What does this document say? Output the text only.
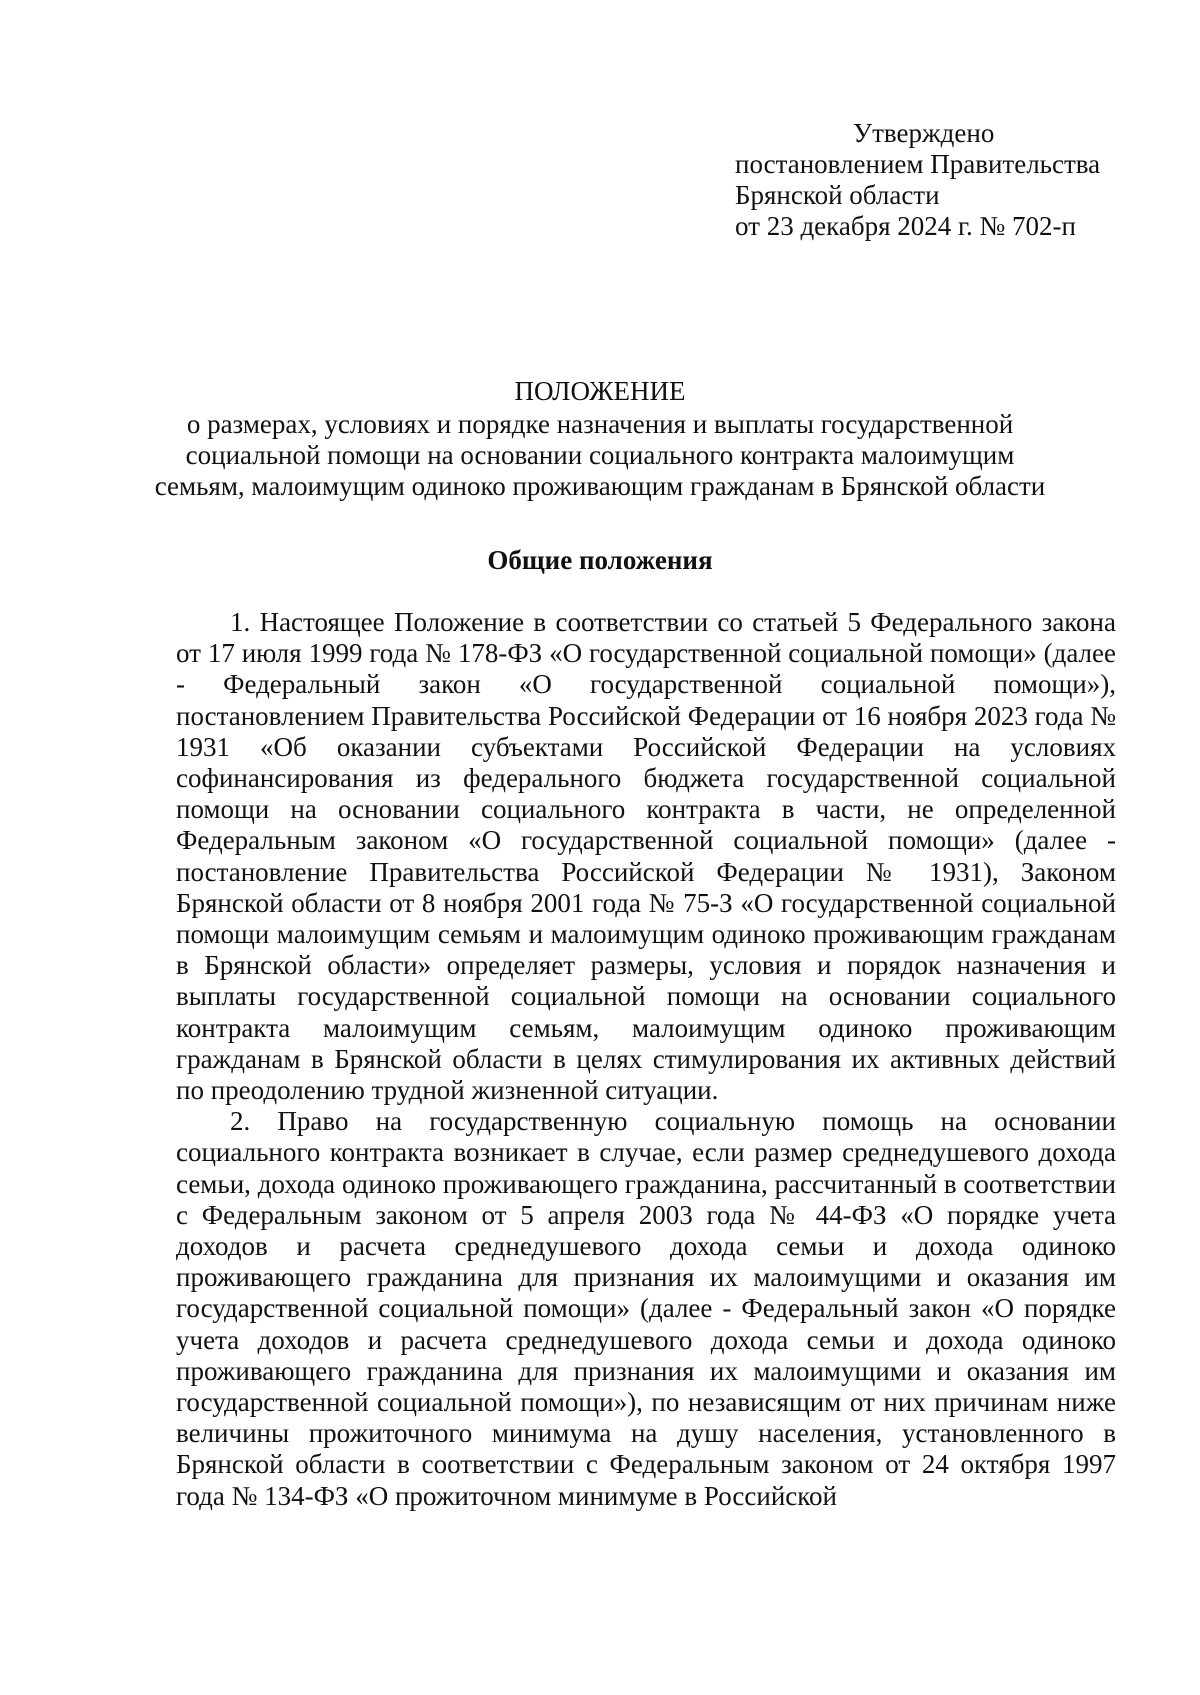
Утверждено
постановлением Правительства
Брянской области
от 23 декабря 2024 г. № 702-п
ПОЛОЖЕНИЕ
о размерах, условиях и порядке назначения и выплаты государственной
социальной помощи на основании социального контракта малоимущим
семьям, малоимущим одиноко проживающим гражданам в Брянской области
Общие положения

1. Настоящее Положение в соответствии со статьей 5 Федерального закона от 17 июля 1999 года № 178-ФЗ «О государственной социальной помощи» (далее - Федеральный закон «О государственной социальной помощи»), постановлением Правительства Российской Федерации от 16 ноября 2023 года № 1931 «Об оказании субъектами Российской Федерации на условиях софинансирования из федерального бюджета государственной социальной помощи на основании социального контракта в части, не определенной Федеральным законом «О государственной социальной помощи» (далее - постановление Правительства Российской Федерации № 1931), Законом Брянской области от 8 ноября 2001 года № 75-З «О государственной социальной помощи малоимущим семьям и малоимущим одиноко проживающим гражданам в Брянской области» определяет размеры, условия и порядок назначения и выплаты государственной социальной помощи на основании социального контракта малоимущим семьям, малоимущим одиноко проживающим гражданам в Брянской области в целях стимулирования их активных действий по преодолению трудной жизненной ситуации.

2. Право на государственную социальную помощь на основании социального контракта возникает в случае, если размер среднедушевого дохода семьи, дохода одиноко проживающего гражданина, рассчитанный в соответствии с Федеральным законом от 5 апреля 2003 года № 44-ФЗ «О порядке учета доходов и расчета среднедушевого дохода семьи и дохода одиноко проживающего гражданина для признания их малоимущими и оказания им государственной социальной помощи» (далее - Федеральный закон «О порядке учета доходов и расчета среднедушевого дохода семьи и дохода одиноко проживающего гражданина для признания их малоимущими и оказания им государственной социальной помощи»), по независящим от них причинам ниже величины прожиточного минимума на душу населения, установленного в Брянской области в соответствии с Федеральным законом от 24 октября 1997 года № 134-ФЗ «О прожиточном минимуме в Российской
